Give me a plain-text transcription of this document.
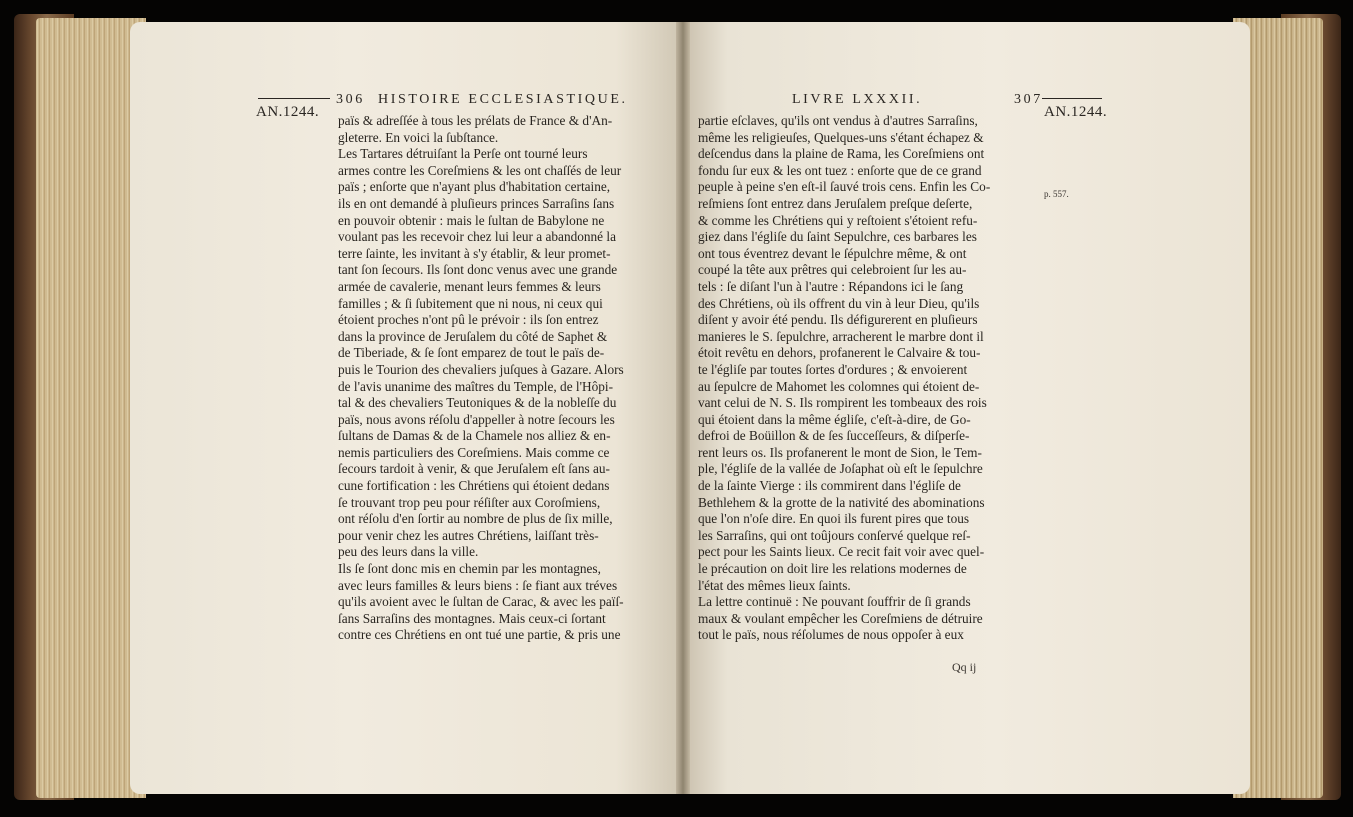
AN.1244.
306 HISTOIRE ECCLESIASTIQUE.
païs & adreſſée à tous les prélats de France & d'An-
gleterre. En voici la ſubſtance.
Les Tartares détruiſant la Perſe ont tourné leurs
armes contre les Coreſmiens & les ont chaſſés de leur
païs ; enſorte que n'ayant plus d'habitation certaine,
ils en ont demandé à pluſieurs princes Sarraſins ſans
en pouvoir obtenir : mais le ſultan de Babylone ne
voulant pas les recevoir chez lui leur a abandonné la
terre ſainte, les invitant à s'y établir, & leur promet-
tant ſon ſecours. Ils ſont donc venus avec une grande
armée de cavalerie, menant leurs femmes & leurs
familles ; & ſi ſubitement que ni nous, ni ceux qui
étoient proches n'ont pû le prévoir : ils ſon entrez
dans la province de Jeruſalem du côté de Saphet &
de Tiberiade, & ſe ſont emparez de tout le païs de-
puis le Tourion des chevaliers juſques à Gazare. Alors
de l'avis unanime des maîtres du Temple, de l'Hôpi-
tal & des chevaliers Teutoniques & de la nobleſſe du
païs, nous avons réſolu d'appeller à notre ſecours les
ſultans de Damas & de la Chamele nos alliez & en-
nemis particuliers des Coreſmiens. Mais comme ce
ſecours tardoit à venir, & que Jeruſalem eſt ſans au-
cune fortification : les Chrétiens qui étoient dedans
ſe trouvant trop peu pour réſiſter aux Coroſmiens,
ont réſolu d'en ſortir au nombre de plus de ſix mille,
pour venir chez les autres Chrétiens, laiſſant très-
peu des leurs dans la ville.
Ils ſe ſont donc mis en chemin par les montagnes,
avec leurs familles & leurs biens : ſe fiant aux tréves
qu'ils avoient avec le ſultan de Carac, & avec les païſ-
ſans Sarraſins des montagnes. Mais ceux-ci ſortant
contre ces Chrétiens en ont tué une partie, & pris une
LIVRE LXXXII.	307
AN.1244.
p. 557.
partie eſclaves, qu'ils ont vendus à d'autres Sarraſins,
même les religieuſes, Quelques-uns s'étant échapez &
deſcendus dans la plaine de Rama, les Coreſmiens ont
fondu ſur eux & les ont tuez : enſorte que de ce grand
peuple à peine s'en eſt-il ſauvé trois cens. Enfin les Co-
reſmiens ſont entrez dans Jeruſalem preſque deſerte,
& comme les Chrétiens qui y reſtoient s'étoient refu-
giez dans l'égliſe du ſaint Sepulchre, ces barbares les
ont tous éventrez devant le ſépulchre même, & ont
coupé la tête aux prêtres qui celebroient ſur les au-
tels : ſe diſant l'un à l'autre : Répandons ici le ſang
des Chrétiens, où ils offrent du vin à leur Dieu, qu'ils
diſent y avoir été pendu. Ils défigurerent en pluſieurs
manieres le S. ſepulchre, arracherent le marbre dont il
étoit revêtu en dehors, profanerent le Calvaire & tou-
te l'égliſe par toutes ſortes d'ordures ; & envoierent
au ſepulcre de Mahomet les colomnes qui étoient de-
vant celui de N. S. Ils rompirent les tombeaux des rois
qui étoient dans la même égliſe, c'eſt-à-dire, de Go-
defroi de Boüillon & de ſes ſucceſſeurs, & diſperſe-
rent leurs os. Ils profanerent le mont de Sion, le Tem-
ple, l'égliſe de la vallée de Joſaphat où eſt le ſepulchre
de la ſainte Vierge : ils commirent dans l'égliſe de
Bethlehem & la grotte de la nativité des abominations
que l'on n'oſe dire. En quoi ils furent pires que tous
les Sarraſins, qui ont toûjours conſervé quelque reſ-
pect pour les Saints lieux. Ce recit fait voir avec quel-
le précaution on doit lire les relations modernes de
l'état des mêmes lieux ſaints.
La lettre continuë : Ne pouvant ſouffrir de ſi grands
maux & voulant empêcher les Coreſmiens de détruire
tout le païs, nous réſolumes de nous oppoſer à eux
Qq ij
